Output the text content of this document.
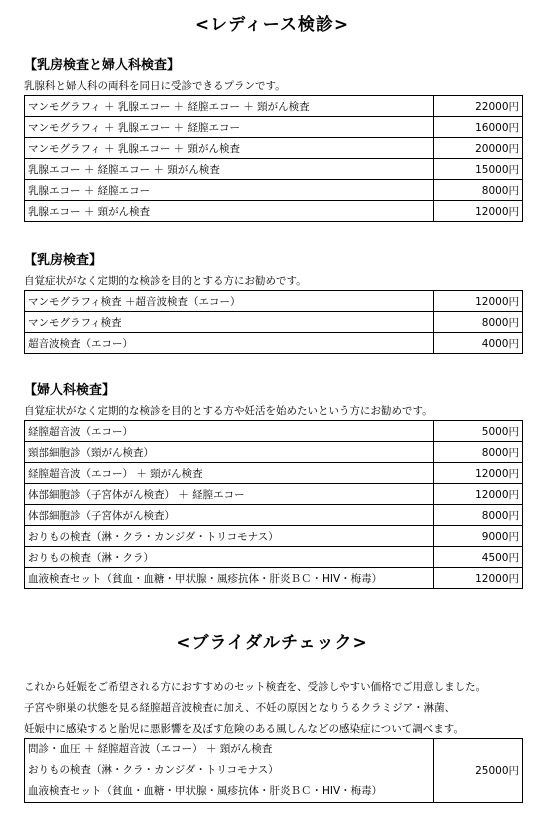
<レディース検診>
【乳房検査と婦人科検査】
乳腺科と婦人科の両科を同日に受診できるプランです。
マンモグラフィ ＋ 乳腺エコー ＋ 経膣エコー ＋ 頸がん検査	22000円
マンモグラフィ ＋ 乳腺エコー ＋ 経膣エコー	16000円
マンモグラフィ ＋ 乳腺エコー ＋ 頸がん検査	20000円
乳腺エコー ＋ 経膣エコー ＋ 頸がん検査	15000円
乳腺エコー ＋ 経膣エコー	8000円
乳腺エコー ＋ 頸がん検査	12000円
【乳房検査】
自覚症状がなく定期的な検診を目的とする方にお勧めです。
マンモグラフィ検査 ＋超音波検査（エコー）	12000円
マンモグラフィ検査	8000円
超音波検査（エコー）	4000円
【婦人科検査】
自覚症状がなく定期的な検診を目的とする方や妊活を始めたいという方にお勧めです。
経膣超音波（エコー）	5000円
頸部細胞診（頸がん検査）	8000円
経膣超音波（エコー） ＋ 頸がん検査	12000円
体部細胞診（子宮体がん検査） ＋ 経膣エコー	12000円
体部細胞診（子宮体がん検査）	8000円
おりもの検査（淋・クラ・カンジダ・トリコモナス）	9000円
おりもの検査（淋・クラ）	4500円
血液検査セット（貧血・血糖・甲状腺・風疹抗体・肝炎ＢＣ・HIV・梅毒）	12000円
<ブライダルチェック>
これから妊娠をご希望される方におすすめのセット検査を、受診しやすい価格でご用意しました。
子宮や卵巣の状態を見る経膣超音波検査に加え、不妊の原因となりうるクラミジア・淋菌、
妊娠中に感染すると胎児に悪影響を及ぼす危険のある風しんなどの感染症について調べます。
問診・血圧 ＋ 経膣超音波（エコー） ＋ 頸がん検査
おりもの検査（淋・クラ・カンジダ・トリコモナス）
血液検査セット（貧血・血糖・甲状腺・風疹抗体・肝炎ＢＣ・HIV・梅毒）
	25000円
